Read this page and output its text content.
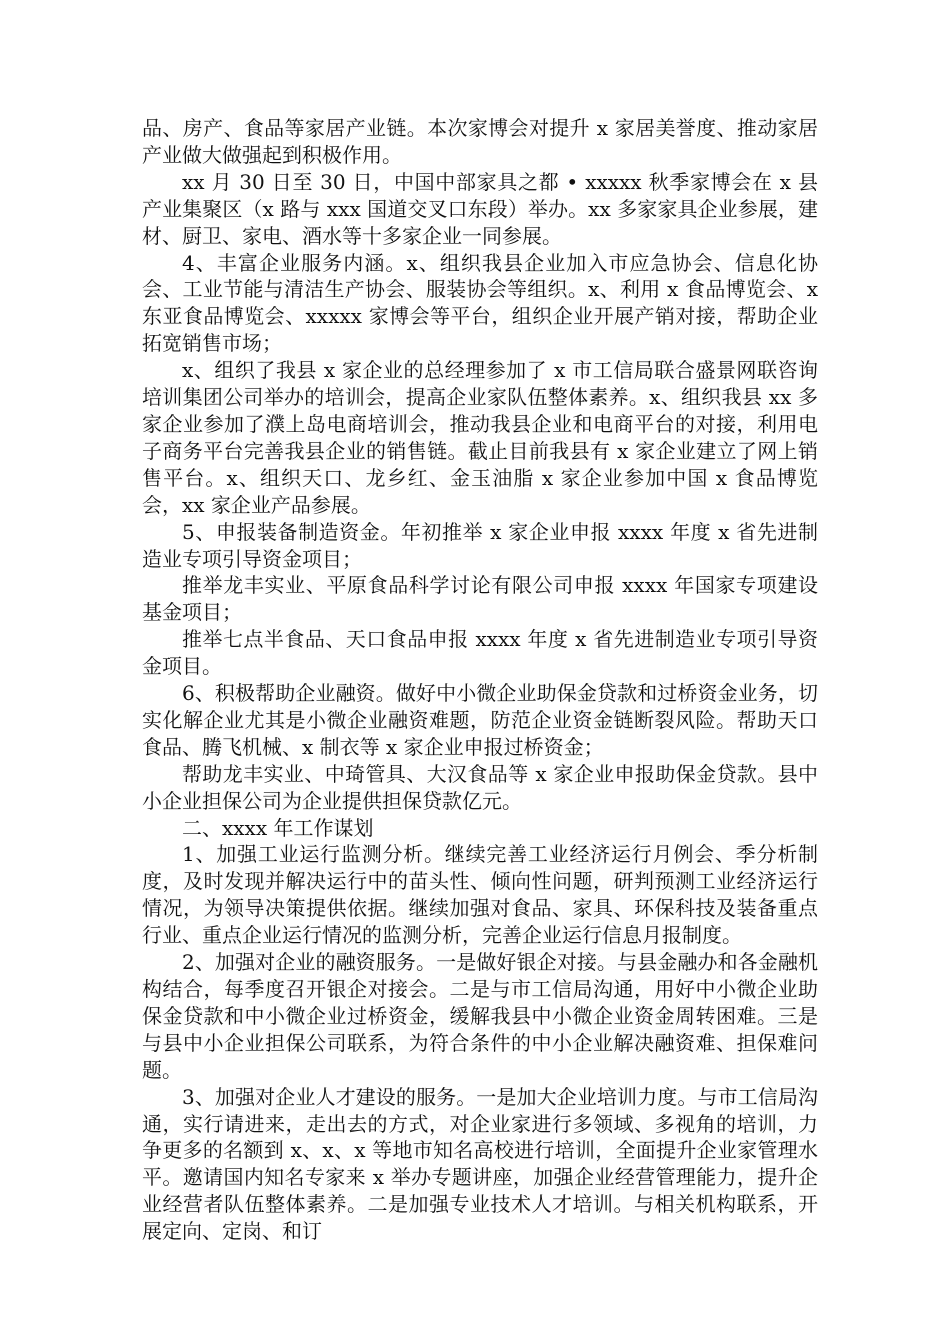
品、房产、食品等家居产业链。本次家博会对提升 x 家居美誉度、推动家居产业做大做强起到积极作用。

xx 月 30 日至 30 日，中国中部家具之都 • xxxxx 秋季家博会在 x 县产业集聚区（x 路与 xxx 国道交叉口东段）举办。xx 多家家具企业参展，建材、厨卫、家电、酒水等十多家企业一同参展。

4、丰富企业服务内涵。x、组织我县企业加入市应急协会、信息化协会、工业节能与清洁生产协会、服装协会等组织。x、利用 x 食品博览会、x 东亚食品博览会、xxxxx 家博会等平台，组织企业开展产销对接，帮助企业拓宽销售市场；

x、组织了我县 x 家企业的总经理参加了 x 市工信局联合盛景网联咨询培训集团公司举办的培训会，提高企业家队伍整体素养。x、组织我县 xx 多家企业参加了濮上岛电商培训会，推动我县企业和电商平台的对接，利用电子商务平台完善我县企业的销售链。截止目前我县有 x 家企业建立了网上销售平台。x、组织天口、龙乡红、金玉油脂 x 家企业参加中国 x 食品博览会，xx 家企业产品参展。

5、申报装备制造资金。年初推举 x 家企业申报 xxxx 年度 x 省先进制造业专项引导资金项目；

推举龙丰实业、平原食品科学讨论有限公司申报 xxxx 年国家专项建设基金项目；

推举七点半食品、天口食品申报 xxxx 年度 x 省先进制造业专项引导资金项目。

6、积极帮助企业融资。做好中小微企业助保金贷款和过桥资金业务，切实化解企业尤其是小微企业融资难题，防范企业资金链断裂风险。帮助天口食品、腾飞机械、x 制衣等 x 家企业申报过桥资金；

帮助龙丰实业、中琦管具、大汉食品等 x 家企业申报助保金贷款。县中小企业担保公司为企业提供担保贷款亿元。

二、xxxx 年工作谋划

1、加强工业运行监测分析。继续完善工业经济运行月例会、季分析制度，及时发现并解决运行中的苗头性、倾向性问题，研判预测工业经济运行情况，为领导决策提供依据。继续加强对食品、家具、环保科技及装备重点行业、重点企业运行情况的监测分析，完善企业运行信息月报制度。

2、加强对企业的融资服务。一是做好银企对接。与县金融办和各金融机构结合，每季度召开银企对接会。二是与市工信局沟通，用好中小微企业助保金贷款和中小微企业过桥资金，缓解我县中小微企业资金周转困难。三是与县中小企业担保公司联系，为符合条件的中小企业解决融资难、担保难问题。

3、加强对企业人才建设的服务。一是加大企业培训力度。与市工信局沟通，实行请进来，走出去的方式，对企业家进行多领域、多视角的培训，力争更多的名额到 x、x、x 等地市知名高校进行培训，全面提升企业家管理水平。邀请国内知名专家来 x 举办专题讲座，加强企业经营管理能力，提升企业经营者队伍整体素养。二是加强专业技术人才培训。与相关机构联系，开展定向、定岗、和订
